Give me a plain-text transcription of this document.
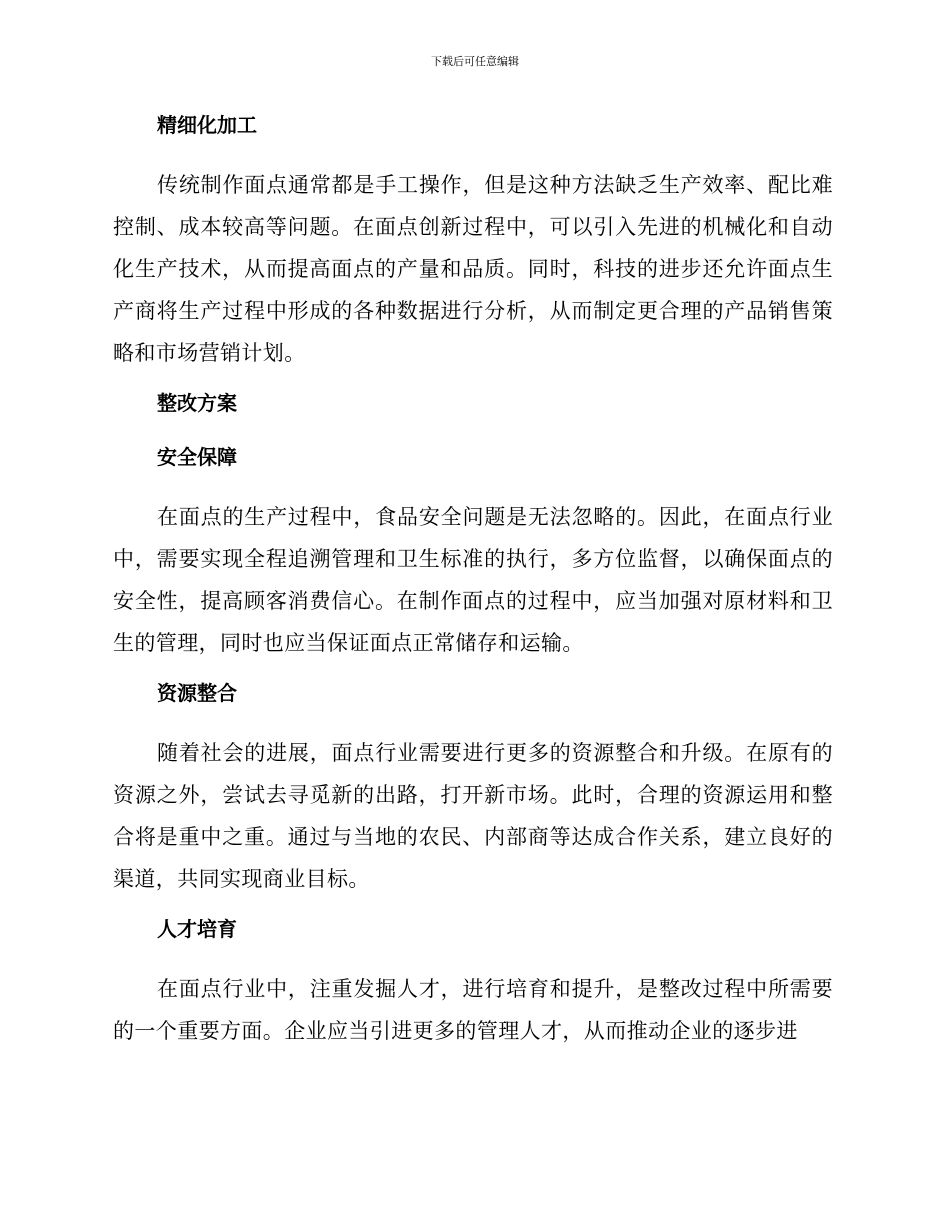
下载后可任意编辑
精细化加工
传统制作面点通常都是手工操作，但是这种方法缺乏生产效率、配比难控制、成本较高等问题。在面点创新过程中，可以引入先进的机械化和自动化生产技术，从而提高面点的产量和品质。同时，科技的进步还允许面点生产商将生产过程中形成的各种数据进行分析，从而制定更合理的产品销售策略和市场营销计划。
整改方案
安全保障
在面点的生产过程中，食品安全问题是无法忽略的。因此，在面点行业中，需要实现全程追溯管理和卫生标准的执行，多方位监督，以确保面点的安全性，提高顾客消费信心。在制作面点的过程中，应当加强对原材料和卫生的管理，同时也应当保证面点正常储存和运输。
资源整合
随着社会的进展，面点行业需要进行更多的资源整合和升级。在原有的资源之外，尝试去寻觅新的出路，打开新市场。此时，合理的资源运用和整合将是重中之重。通过与当地的农民、内部商等达成合作关系，建立良好的渠道，共同实现商业目标。
人才培育
在面点行业中，注重发掘人才，进行培育和提升，是整改过程中所需要的一个重要方面。企业应当引进更多的管理人才，从而推动企业的逐步进
